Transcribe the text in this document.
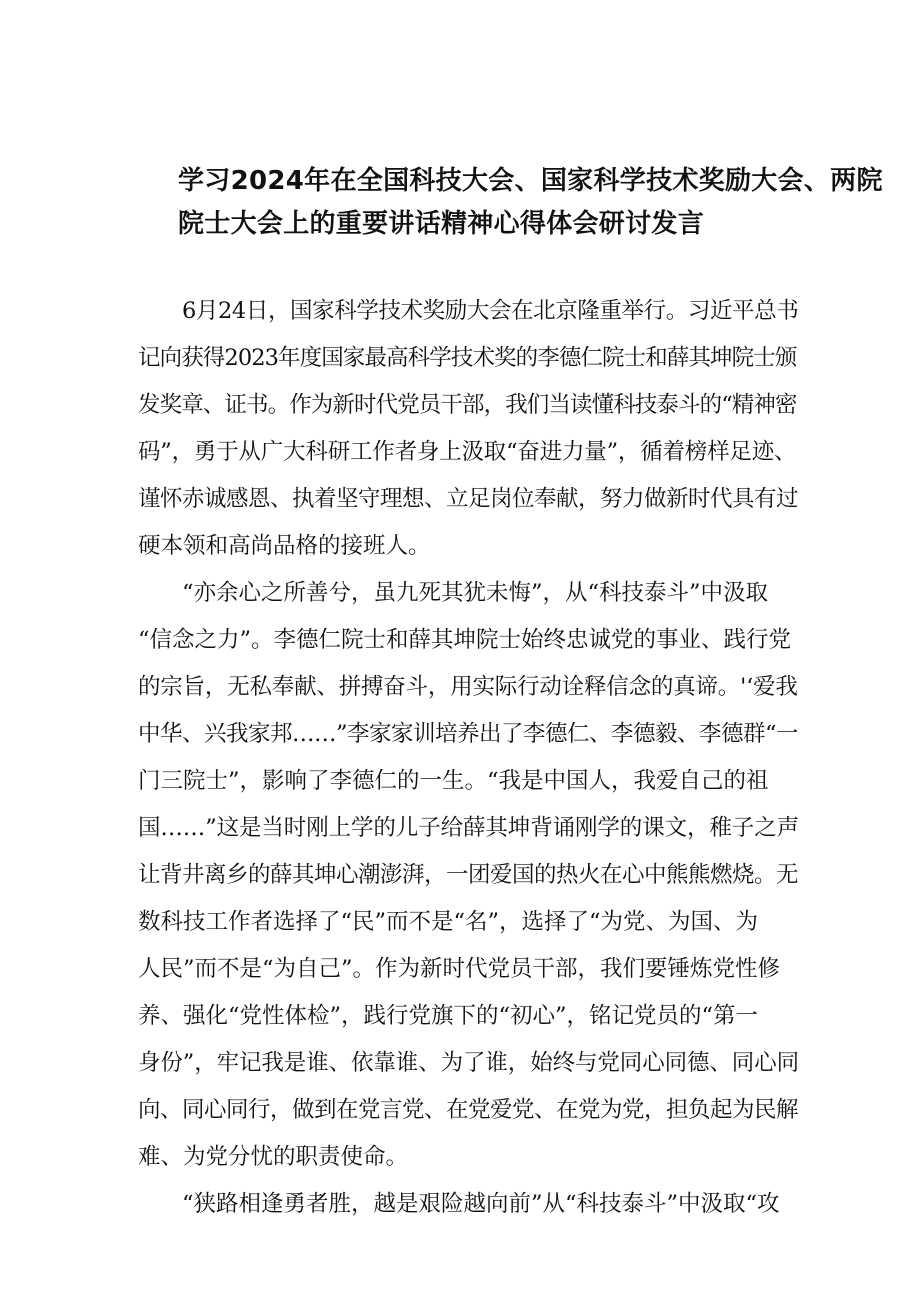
学习2024年在全国科技大会、国家科学技术奖励大会、两院
院士大会上的重要讲话精神心得体会研讨发言

6月24日，国家科学技术奖励大会在北京隆重举行。习近平总书

记向获得2023年度国家最高科学技术奖的李德仁院士和薛其坤院士颁

发奖章、证书。作为新时代党员干部，我们当读懂科技泰斗的“精神密

码”，勇于从广大科研工作者身上汲取“奋进力量”，循着榜样足迹、

谨怀赤诚感恩、执着坚守理想、立足岗位奉献，努力做新时代具有过

硬本领和高尚品格的接班人。

“亦余心之所善兮，虽九死其犹未悔”，从“科技泰斗”中汲取

“信念之力”。李德仁院士和薛其坤院士始终忠诚党的事业、践行党

的宗旨，无私奉献、拼搏奋斗，用实际行动诠释信念的真谛。'‘爱我

中华、兴我家邦……”李家家训培养出了李德仁、李德毅、李德群“一

门三院士”，影响了李德仁的一生。“我是中国人，我爱自己的祖

国……”这是当时刚上学的儿子给薛其坤背诵刚学的课文，稚子之声

让背井离乡的薛其坤心潮澎湃，一团爱国的热火在心中熊熊燃烧。无

数科技工作者选择了“民”而不是“名”，选择了“为党、为国、为

人民”而不是“为自己”。作为新时代党员干部，我们要锤炼党性修

养、强化“党性体检”，践行党旗下的“初心”，铭记党员的“第一

身份”，牢记我是谁、依靠谁、为了谁，始终与党同心同德、同心同

向、同心同行，做到在党言党、在党爱党、在党为党，担负起为民解

难、为党分忧的职责使命。

“狭路相逢勇者胜，越是艰险越向前”从“科技泰斗”中汲取“攻
